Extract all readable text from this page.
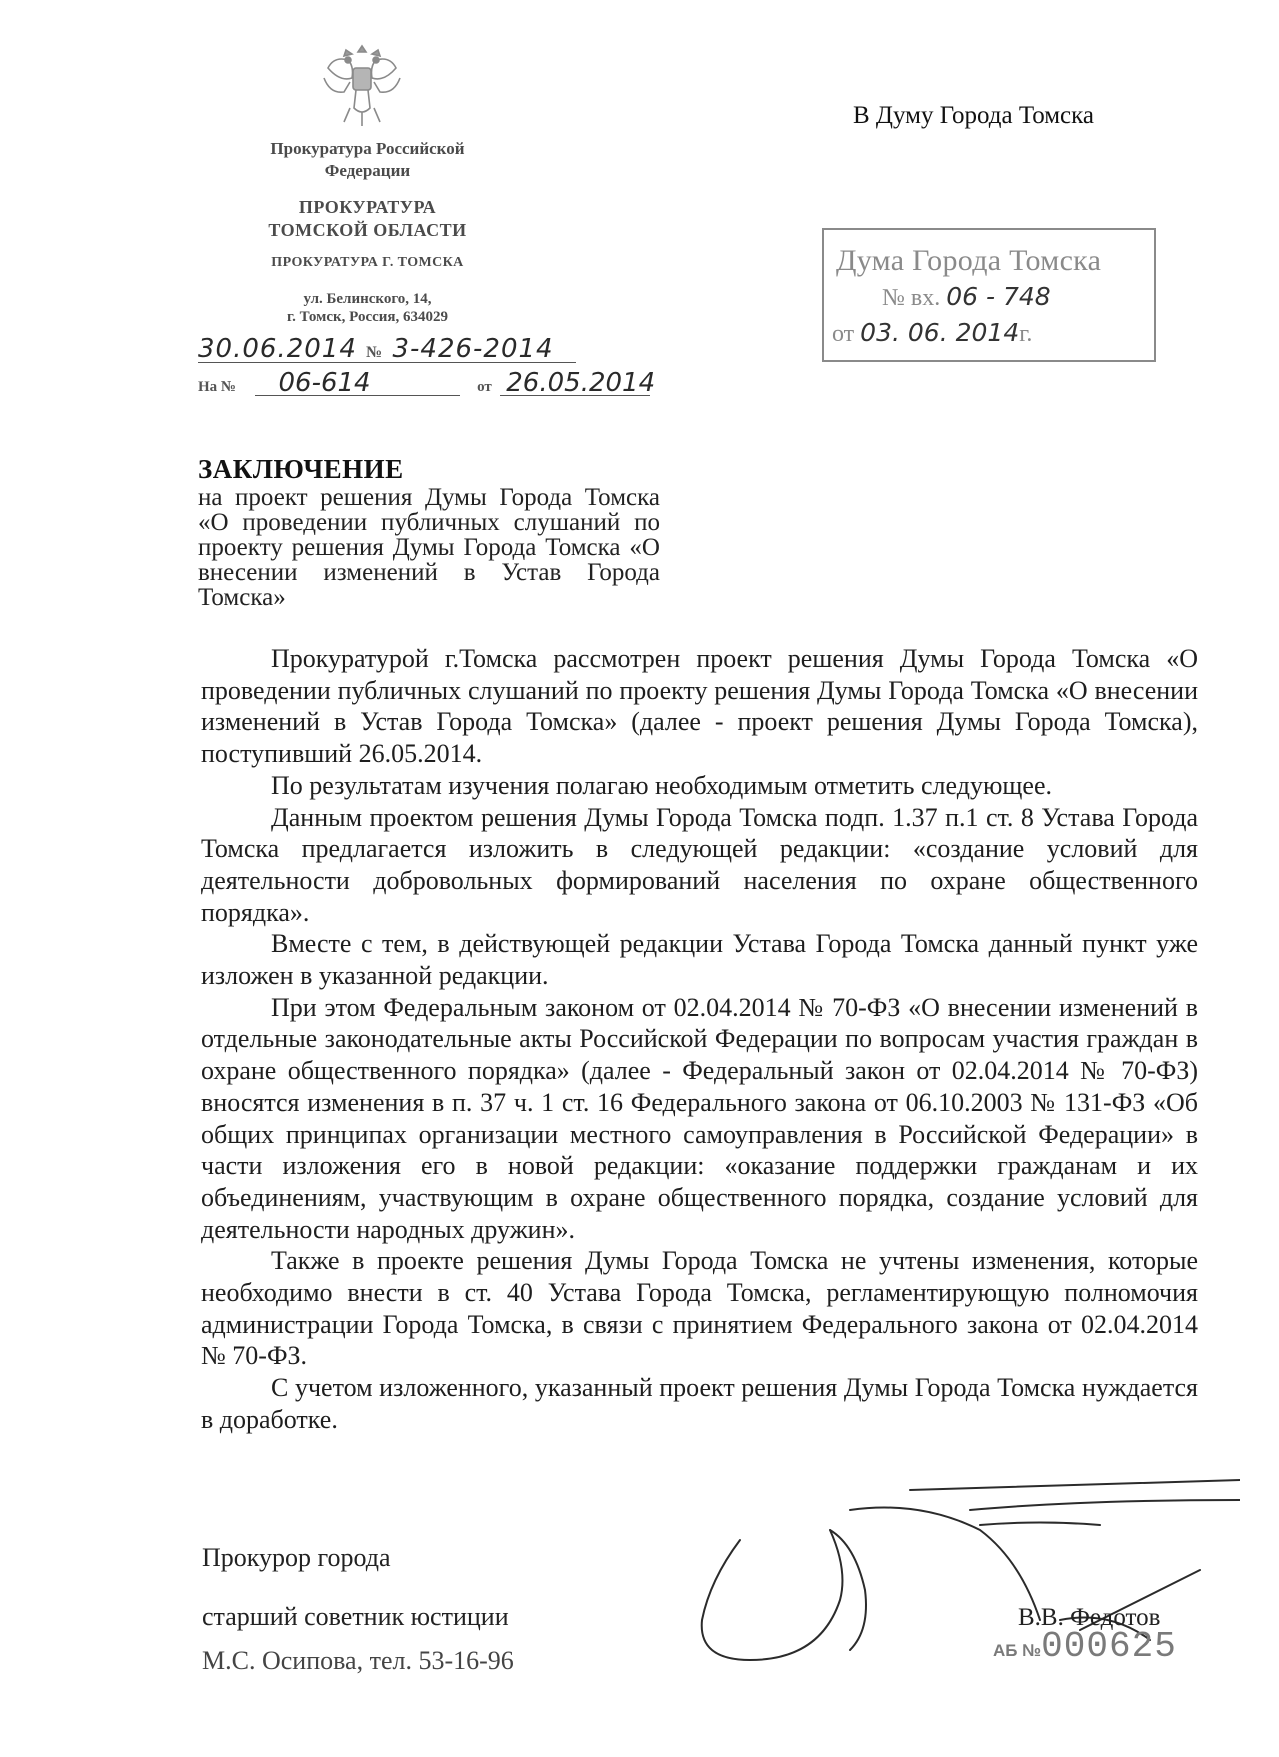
Прокуратура Российской
Федерации
ПРОКУРАТУРА
ТОМСКОЙ ОБЛАСТИ
ПРОКУРАТУРА Г. ТОМСКА
ул. Белинского, 14,
г. Томск, Россия, 634029
30.06.2014 № 3-426-2014
На № 06-614	от 26.05.2014
В Думу Города Томска
Дума Города Томска
№ вх. 06 - 748
от 03. 06. 2014г.
ЗАКЛЮЧЕНИЕ
на проект решения Думы Города Томска «О проведении публичных слушаний по проекту решения Думы Города Томска «О внесении изменений в Устав Города Томска»

Прокуратурой г.Томска рассмотрен проект решения Думы Города Томска «О проведении публичных слушаний по проекту решения Думы Города Томска «О внесении изменений в Устав Города Томска» (далее - проект решения Думы Города Томска), поступивший 26.05.2014.

По результатам изучения полагаю необходимым отметить следующее.

Данным проектом решения Думы Города Томска подп. 1.37 п.1 ст. 8 Устава Города Томска предлагается изложить в следующей редакции: «создание условий для деятельности добровольных формирований населения по охране общественного порядка».

Вместе с тем, в действующей редакции Устава Города Томска данный пункт уже изложен в указанной редакции.

При этом Федеральным законом от 02.04.2014 № 70-ФЗ «О внесении изменений в отдельные законодательные акты Российской Федерации по вопросам участия граждан в охране общественного порядка» (далее - Федеральный закон от 02.04.2014 № 70-ФЗ) вносятся изменения в п. 37 ч. 1 ст. 16 Федерального закона от 06.10.2003 № 131-ФЗ «Об общих принципах организации местного самоуправления в Российской Федерации» в части изложения его в новой редакции: «оказание поддержки гражданам и их объединениям, участвующим в охране общественного порядка, создание условий для деятельности народных дружин».

Также в проекте решения Думы Города Томска не учтены изменения, которые необходимо внести в ст. 40 Устава Города Томска, регламентирующую полномочия администрации Города Томска, в связи с принятием Федерального закона от 02.04.2014 № 70-ФЗ.

С учетом изложенного, указанный проект решения Думы Города Томска нуждается в доработке.

Прокурор города
старший советник юстиции
М.С. Осипова, тел. 53-16-96
В.В. Федотов
АБ №000625
